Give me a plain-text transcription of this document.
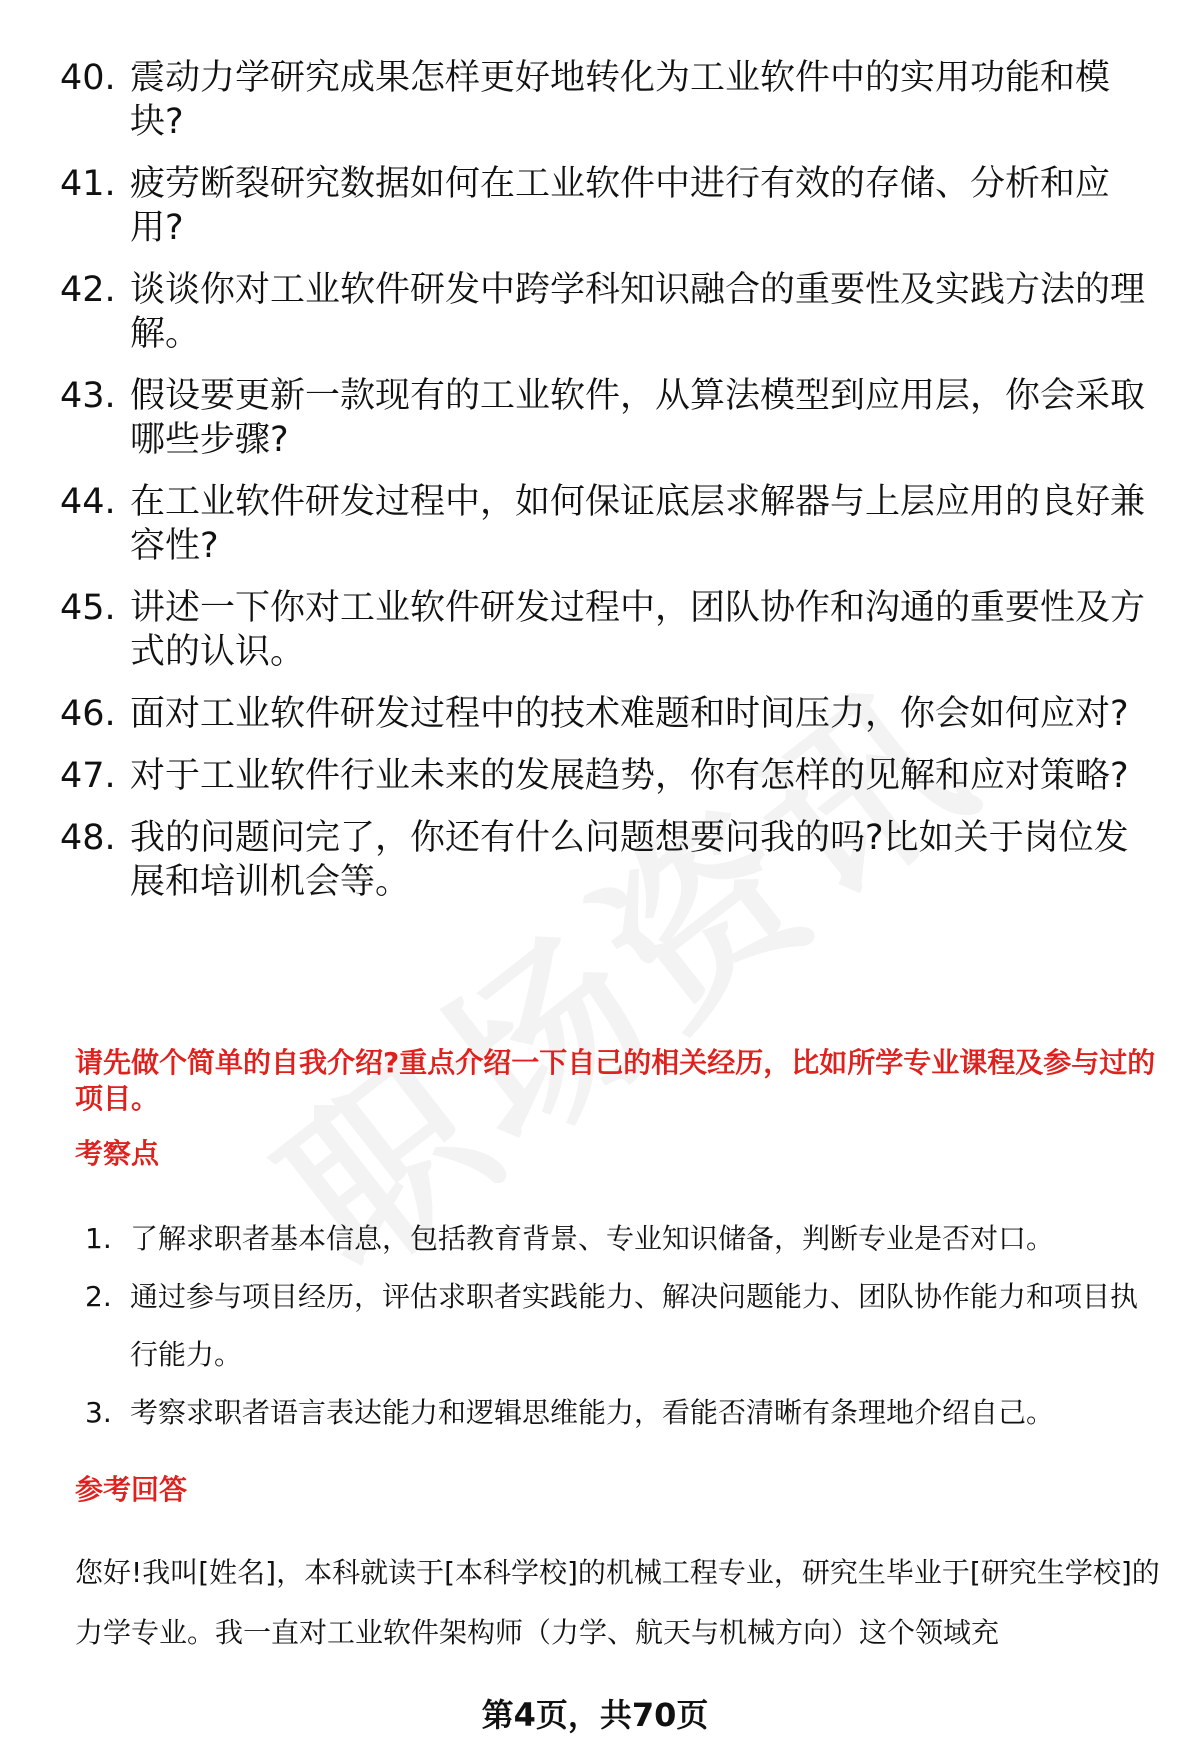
40. 震动力学研究成果怎样更好地转化为工业软件中的实用功能和模块?
41. 疲劳断裂研究数据如何在工业软件中进行有效的存储、分析和应用?
42. 谈谈你对工业软件研发中跨学科知识融合的重要性及实践方法的理解。
43. 假设要更新一款现有的工业软件，从算法模型到应用层，你会采取哪些步骤?
44. 在工业软件研发过程中，如何保证底层求解器与上层应用的良好兼容性?
45. 讲述一下你对工业软件研发过程中，团队协作和沟通的重要性及方式的认识。
46. 面对工业软件研发过程中的技术难题和时间压力，你会如何应对?
47. 对于工业软件行业未来的发展趋势，你有怎样的见解和应对策略?
48. 我的问题问完了，你还有什么问题想要问我的吗?比如关于岗位发展和培训机会等。
请先做个简单的自我介绍?重点介绍一下自己的相关经历，比如所学专业课程及参与过的项目。
考察点
1. 了解求职者基本信息，包括教育背景、专业知识储备，判断专业是否对口。
2. 通过参与项目经历，评估求职者实践能力、解决问题能力、团队协作能力和项目执行能力。
3. 考察求职者语言表达能力和逻辑思维能力，看能否清晰有条理地介绍自己。
参考回答
您好!我叫[姓名]，本科就读于[本科学校]的机械工程专业，研究生毕业于[研究生学校]的力学专业。我一直对工业软件架构师（力学、航天与机械方向）这个领域充
第4页，共70页
